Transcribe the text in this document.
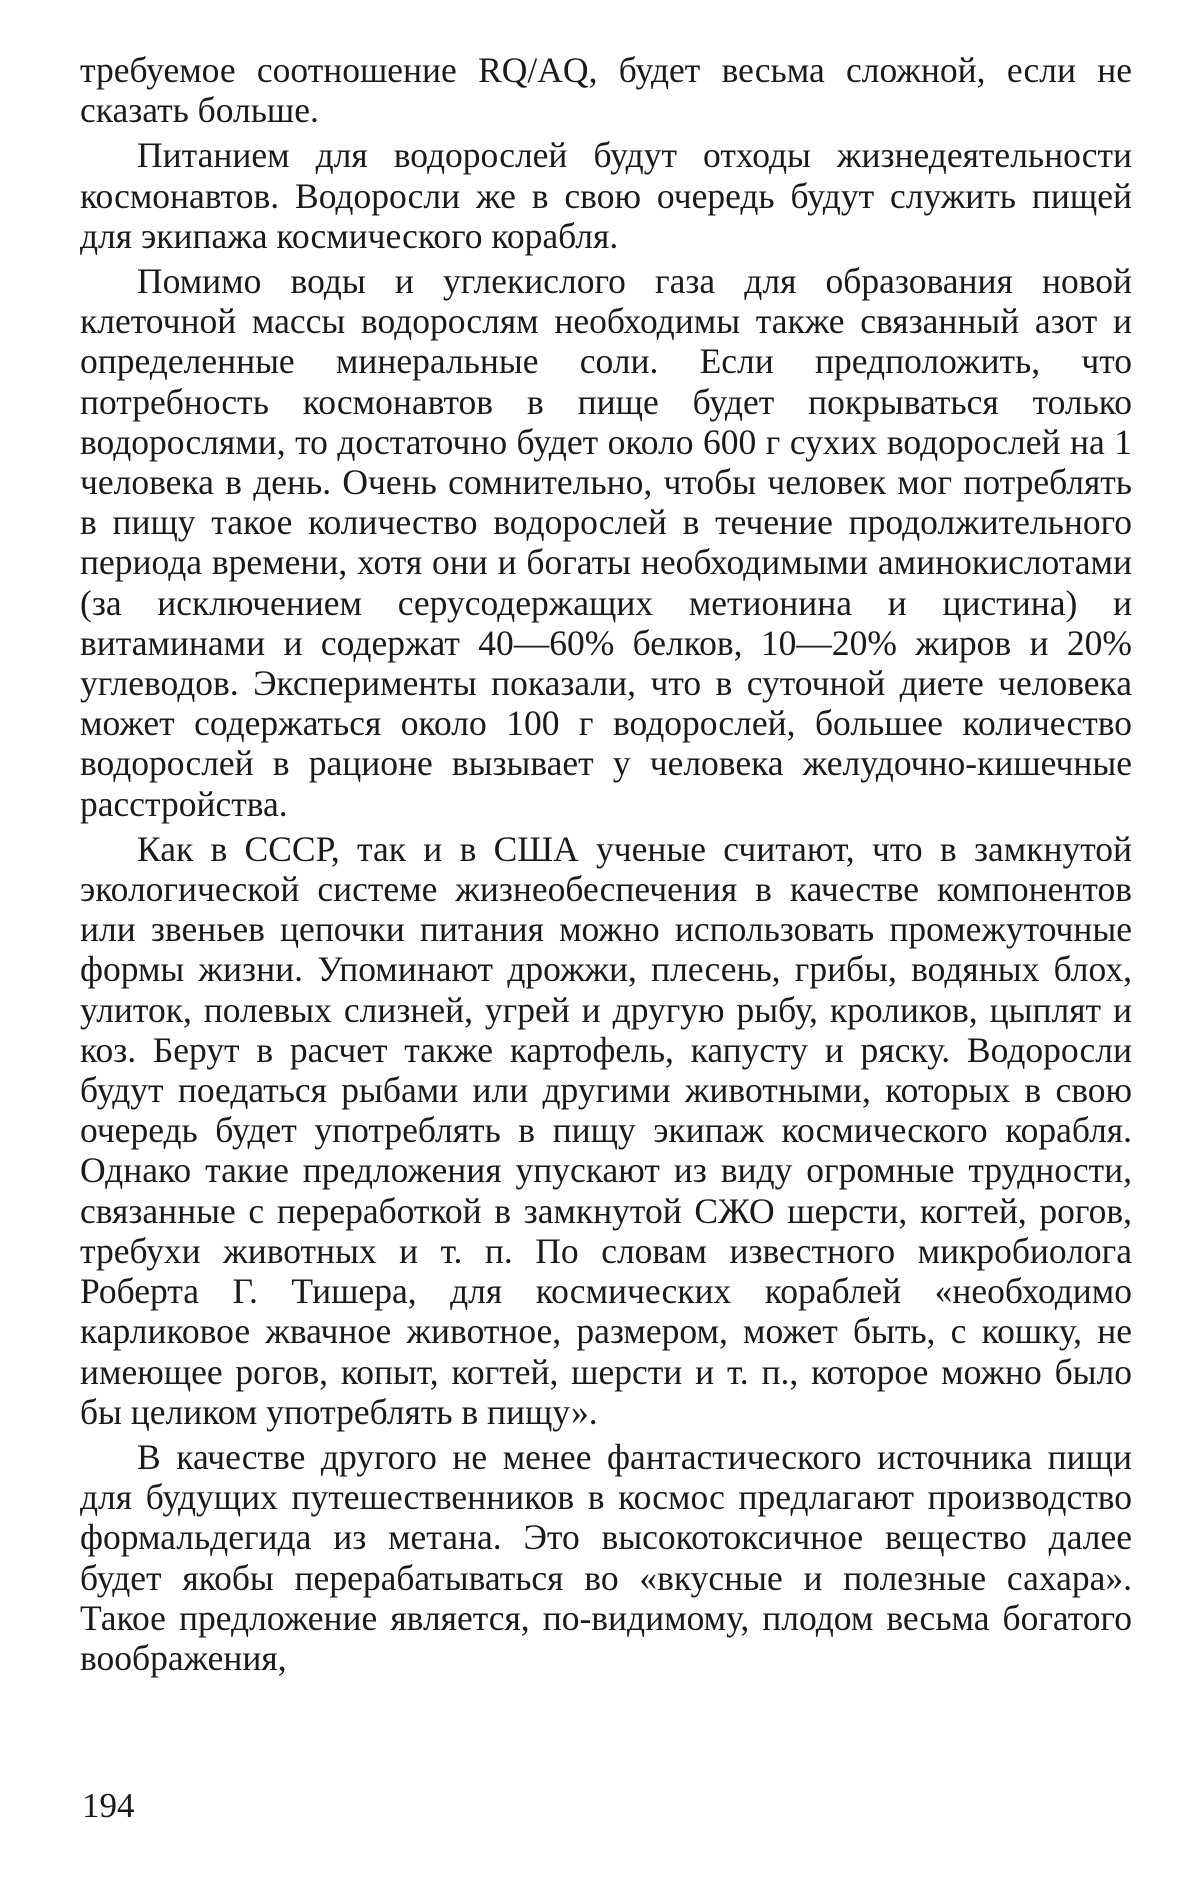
требуемое соотношение RQ/AQ, будет весьма сложной, если не сказать больше.

Питанием для водорослей будут отходы жизнедеятельности космонавтов. Водоросли же в свою очередь будут служить пищей для экипажа космического корабля.

Помимо воды и углекислого газа для образования новой клеточной массы водорослям необходимы также связанный азот и определенные минеральные соли. Если предположить, что потребность космонавтов в пище будет покрываться только водорослями, то достаточно будет около 600 г сухих водорослей на 1 человека в день. Очень сомнительно, чтобы человек мог потреблять в пищу такое количество водорослей в течение продолжительного периода времени, хотя они и богаты необходимыми аминокислотами (за исключением серусодержащих метионина и цистина) и витаминами и содержат 40—60% белков, 10—20% жиров и 20% углеводов. Эксперименты показали, что в суточной диете человека может содержаться около 100 г водорослей, большее количество водорослей в рационе вызывает у человека желудочно-кишечные расстройства.

Как в СССР, так и в США ученые считают, что в замкнутой экологической системе жизнеобеспечения в качестве компонентов или звеньев цепочки питания можно использовать промежуточные формы жизни. Упоминают дрожжи, плесень, грибы, водяных блох, улиток, полевых слизней, угрей и другую рыбу, кроликов, цыплят и коз. Берут в расчет также картофель, капусту и ряску. Водоросли будут поедаться рыбами или другими животными, которых в свою очередь будет употреблять в пищу экипаж космического корабля. Однако такие предложения упускают из виду огромные трудности, связанные с переработкой в замкнутой СЖО шерсти, когтей, рогов, требухи животных и т. п. По словам известного микробиолога Роберта Г. Тишера, для космических кораблей «необходимо карликовое жвачное животное, размером, может быть, с кошку, не имеющее рогов, копыт, когтей, шерсти и т. п., которое можно было бы целиком употреблять в пищу».

В качестве другого не менее фантастического источника пищи для будущих путешественников в космос предлагают производство формальдегида из метана. Это высокотоксичное вещество далее будет якобы перерабатываться во «вкусные и полезные сахара». Такое предложение является, по-видимому, плодом весьма богатого воображения,

194
